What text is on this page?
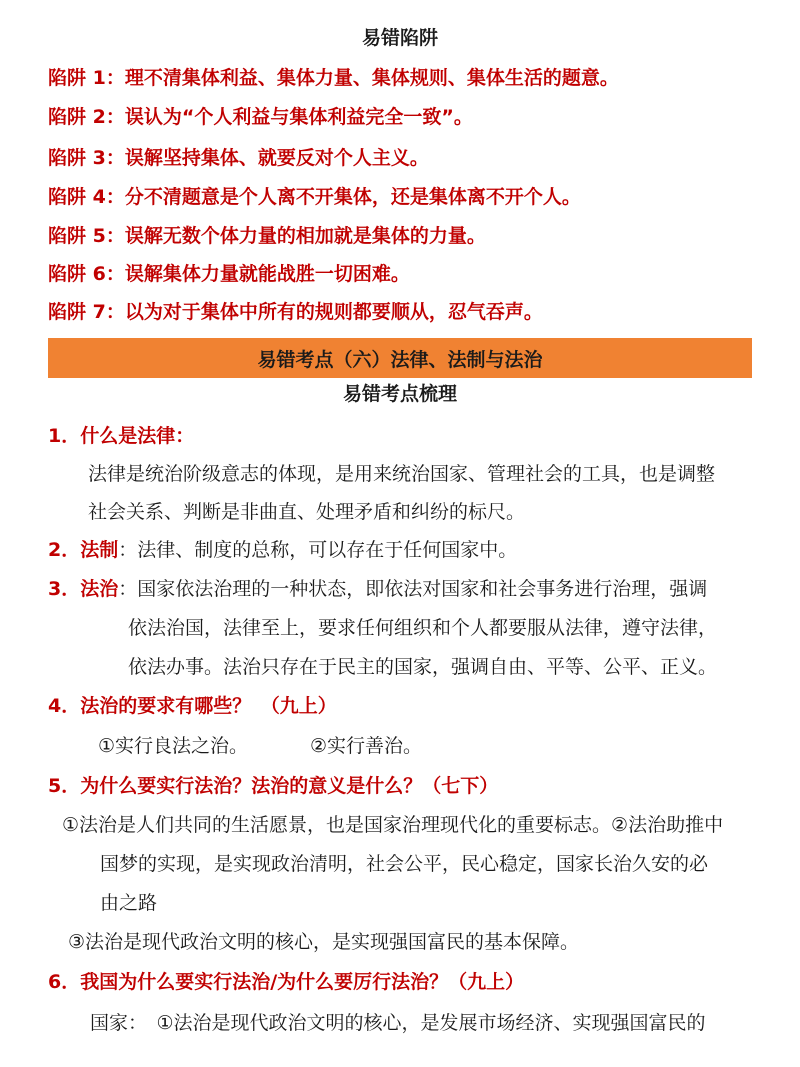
易错陷阱
陷阱 1：理不清集体利益、集体力量、集体规则、集体生活的题意。
陷阱 2：误认为“个人利益与集体利益完全一致”。
陷阱 3：误解坚持集体、就要反对个人主义。
陷阱 4：分不清题意是个人离不开集体，还是集体离不开个人。
陷阱 5：误解无数个体力量的相加就是集体的力量。
陷阱 6：误解集体力量就能战胜一切困难。
陷阱 7：以为对于集体中所有的规则都要顺从，忍气吞声。
易错考点（六）法律、法制与法治
易错考点梳理
1．什么是法律：
法律是统治阶级意志的体现，是用来统治国家、管理社会的工具，也是调整
社会关系、判断是非曲直、处理矛盾和纠纷的标尺。
2．法制：法律、制度的总称，可以存在于任何国家中。
3．法治：国家依法治理的一种状态，即依法对国家和社会事务进行治理，强调
依法治国，法律至上，要求任何组织和个人都要服从法律，遵守法律，
依法办事。法治只存在于民主的国家，强调自由、平等、公平、正义。
4．法治的要求有哪些？　（九上）
①实行良法之治。	②实行善治。
5．为什么要实行法治？法治的意义是什么？（七下）
①法治是人们共同的生活愿景，也是国家治理现代化的重要标志。②法治助推中
国梦的实现，是实现政治清明，社会公平，民心稳定，国家长治久安的必
由之路
③法治是现代政治文明的核心，是实现强国富民的基本保障。
6．我国为什么要实行法治/为什么要厉行法治？（九上）
国家：　①法治是现代政治文明的核心，是发展市场经济、实现强国富民的
